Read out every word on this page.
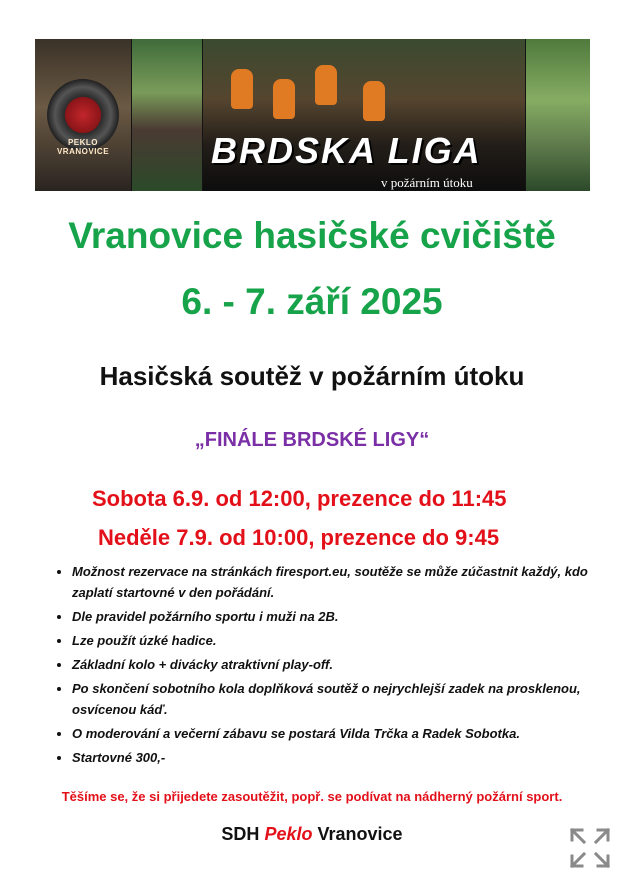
PEKLO VRANOVICE	BRDSKA LIGA
v požárním útoku
Vranovice hasičské cvičiště
6. - 7. září 2025
Hasičská soutěž v požárním útoku
„FINÁLE BRDSKÉ LIGY“
Sobota 6.9. od 12:00, prezence do 11:45
Neděle 7.9. od 10:00, prezence do 9:45
• Možnost rezervace na stránkách firesport.eu, soutěže se může zúčastnit každý, kdo zaplatí startovné v den pořádání.
• Dle pravidel požárního sportu i muži na 2B.
• Lze použít úzké hadice.
• Základní kolo + divácky atraktivní play-off.
• Po skončení sobotního kola doplňková soutěž o nejrychlejší zadek na prosklenou, osvícenou káď.
• O moderování a večerní zábavu se postará Vilda Trčka a Radek Sobotka.
• Startovné 300,-
Těšíme se, že si přijedete zasoutěžit, popř. se podívat na nádherný požární sport.
SDH Peklo Vranovice
